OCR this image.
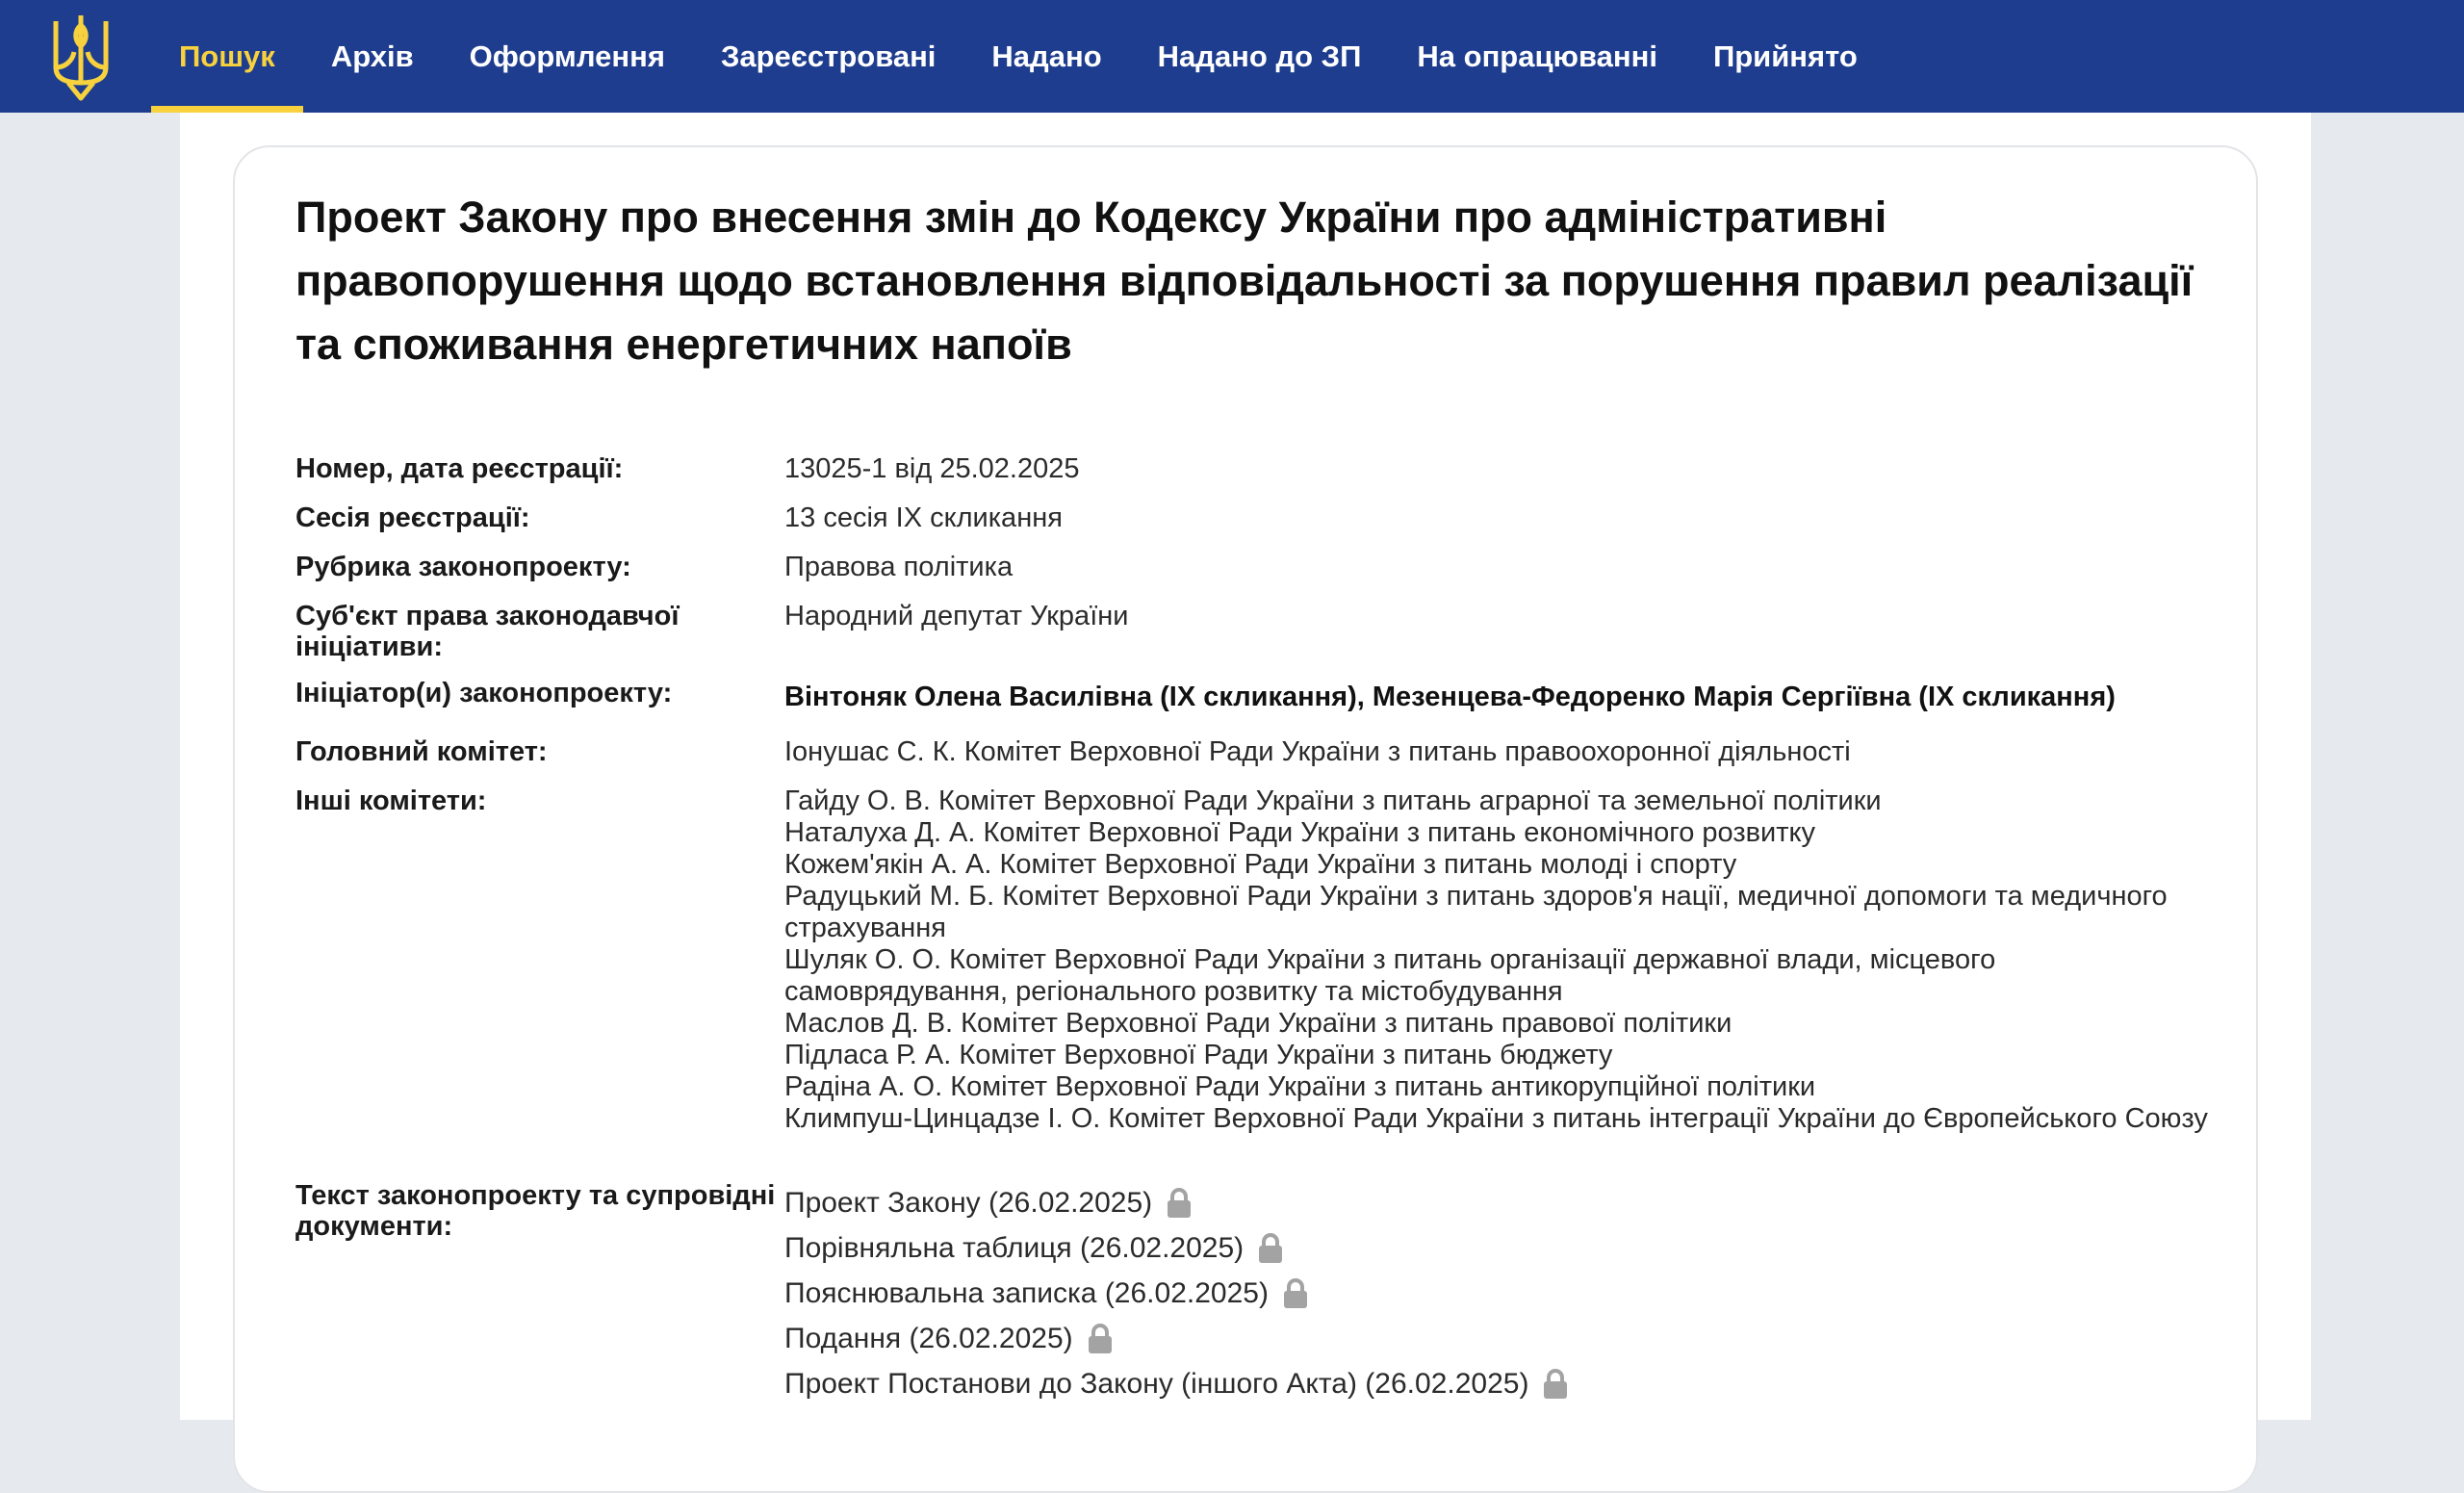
Пошук	Архів	Оформлення	Зареєстровані	Надано	Надано до ЗП	На опрацюванні	Прийнято
Проект Закону про внесення змін до Кодексу України про адміністративні правопорушення щодо встановлення відповідальності за порушення правил реалізації та споживання енергетичних напоїв
Номер, дата реєстрації:	13025-1 від 25.02.2025
Сесія реєстрації:	13 сесія IX скликання
Рубрика законопроекту:	Правова політика
Суб'єкт права законодавчої ініціативи:
Народний депутат України
Ініціатор(и) законопроекту:	Вінтоняк Олена Василівна (IX скликання), Мезенцева-Федоренко Марія Сергіївна (IX скликання)
Головний комітет:	Іонушас С. К. Комітет Верховної Ради України з питань правоохоронної діяльності
Інші комітети:	Гайду О. В. Комітет Верховної Ради України з питань аграрної та земельної політики
Наталуха Д. А. Комітет Верховної Ради України з питань економічного розвитку
Кожем'якін А. А. Комітет Верховної Ради України з питань молоді і спорту
Радуцький М. Б. Комітет Верховної Ради України з питань здоров'я нації, медичної допомоги та медичного страхування
Шуляк О. О. Комітет Верховної Ради України з питань організації державної влади, місцевого самоврядування, регіонального розвитку та містобудування
Маслов Д. В. Комітет Верховної Ради України з питань правової політики
Підласа Р. А. Комітет Верховної Ради України з питань бюджету
Радіна А. О. Комітет Верховної Ради України з питань антикорупційної політики
Климпуш-Цинцадзе І. О. Комітет Верховної Ради України з питань інтеграції України до Європейського Союзу
Текст законопроекту та супровідні документи:
Проект Закону (26.02.2025)
Порівняльна таблиця (26.02.2025)
Пояснювальна записка (26.02.2025)
Подання (26.02.2025)
Проект Постанови до Закону (іншого Акта) (26.02.2025)
